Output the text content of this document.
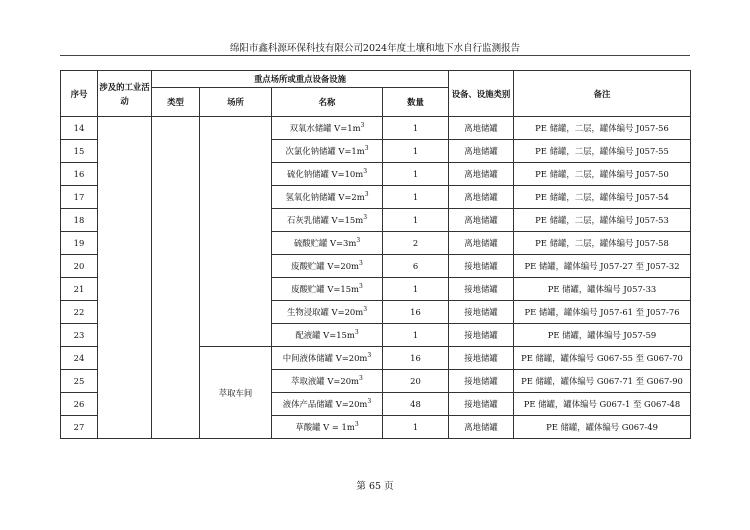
绵阳市鑫科源环保科技有限公司2024年度土壤和地下水自行监测报告
序号	涉及的工业活动	重点场所或重点设备设施				设备、设施类别	备注
		类型	场所	名称	数量		
14				双氧水储罐 $V=1m^3$	1	离地储罐	PE 储罐，二层，罐体编号 J057-56
15				次氯化钠储罐 $V=1m^3$	1	离地储罐	PE 储罐，二层，罐体编号 J057-55
16				硫化钠储罐 $V=10m^3$	1	离地储罐	PE 储罐，二层，罐体编号 J057-50
17				氢氧化钠储罐 $V=2m^3$	1	离地储罐	PE 储罐，二层，罐体编号 J057-54
18				石灰乳储罐 $V=15m^3$	1	离地储罐	PE 储罐，二层，罐体编号 J057-53
19				硫酸贮罐 $V=3m^3$	2	离地储罐	PE 储罐，二层，罐体编号 J057-58
20				废酸贮罐 $V=20m^3$	6	接地储罐	PE 储罐，罐体编号 J057-27 至 J057-32
21				废酸贮罐 $V=15m^3$	1	接地储罐	PE 储罐，罐体编号 J057-33
22				生物浸取罐 $V=20m^3$	16	接地储罐	PE 储罐，罐体编号 J057-61 至 J057-76
23				配液罐 $V=15m^3$	1	接地储罐	PE 储罐，罐体编号 J057-59
24			萃取车间	中间液体储罐 $V=20m^3$	16	接地储罐	PE 储罐，罐体编号 G067-55 至 G067-70
25				萃取液罐 $V=20m^3$	20	接地储罐	PE 储罐，罐体编号 G067-71 至 G067-90
26				液体产品储罐 $V=20m^3$	48	接地储罐	PE 储罐，罐体编号 G067-1 至 G067-48
27				草酸罐 $V = 1m^3$	1	离地储罐	PE 储罐，罐体编号 G067-49
第 65 页
